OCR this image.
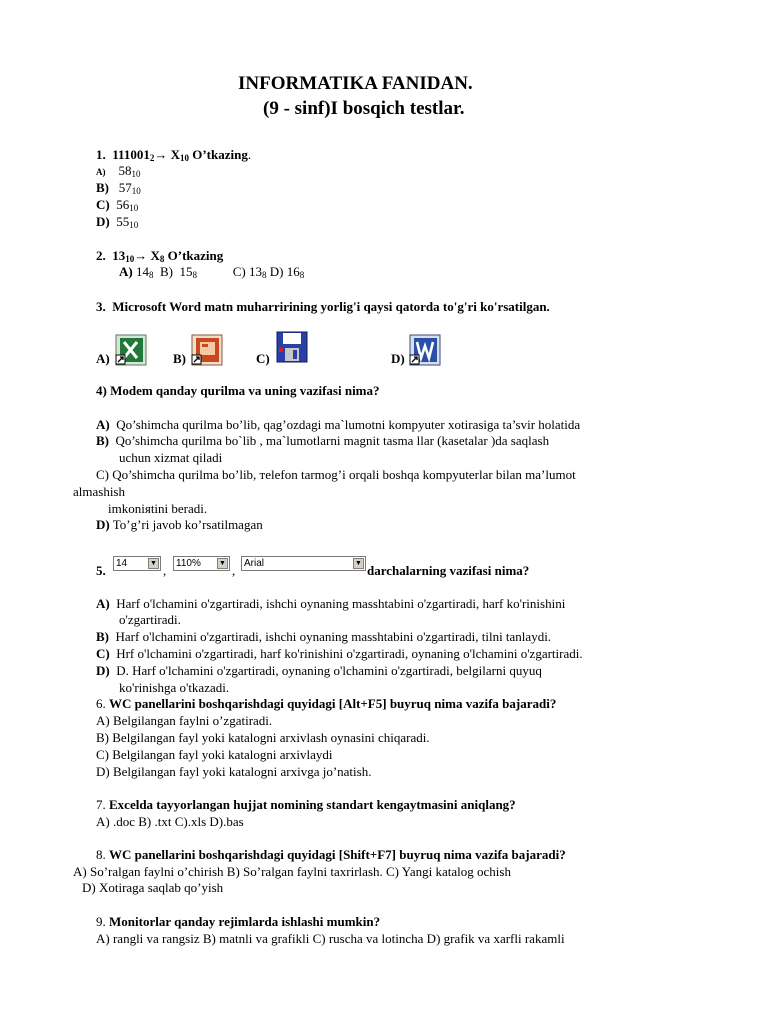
INFORMATIKA FANIDAN.
(9 - sinf)I bosqich testlar.
1. $111001_2\to X_{10}$ O’tkazing.
A) $58_{10}$
B) $57_{10}$
C) $56_{10}$
D) $55_{10}$
2. $13_{10}\to X_8$ O’tkazing
A) $14_8$ B) $15_8$	C) $13_8$ D) $16_8$
3. Microsoft Word matn muharririning yorlig'i qaysi qatorda to'g'ri ko'rsatilgan.
A)	B)	C)	D)
4) Modem qanday qurilma va uning vazifasi nima?
A) Qo’shimcha qurilma bo’lib, qag’ozdagi ma`lumotni kompyuter xotirasiga ta’svir holatida
B) Qo’shimcha qurilma bo`lib , ma`lumotlarni magnit tasma llar (kasetalar )da saqlash
uchun xizmat qiladi
C) Qo’shimcha qurilma bo’lib, тelefon tarmog’i orqali boshqa kompyuterlar bilan ma’lumot
almashish
imkoniяtini beradi.
D) To’g’ri javob ko’rsatilmagan
5.	14	▼ , 110%	▼ , Arial	▼ darchalarning vazifasi nima?
A) Harf o'lchamini o'zgartiradi, ishchi oynaning masshtabini o'zgartiradi, harf ko'rinishini
o'zgartiradi.
B) Harf o'lchamini o'zgartiradi, ishchi oynaning masshtabini o'zgartiradi, tilni tanlaydi.
C) Hrf o'lchamini o'zgartiradi, harf ko'rinishini o'zgartiradi, oynaning o'lchamini o'zgartiradi.
D) D. Harf o'lchamini o'zgartiradi, oynaning o'lchamini o'zgartiradi, belgilarni quyuq
ko'rinishga o'tkazadi.
6. WC panellarini boshqarishdagi quyidagi [Alt+F5] buyruq nima vazifa bajaradi?
A) Belgilangan faylni o’zgatiradi.
B) Belgilangan fayl yoki katalogni arxivlash oynasini chiqaradi.
C) Belgilangan fayl yoki katalogni arxivlaydi
D) Belgilangan fayl yoki katalogni arxivga jo’natish.
7. Excelda tayyorlangan hujjat nomining standart kengaytmasini aniqlang?
A) .doc B) .txt C).xls D).bas
8. WC panellarini boshqarishdagi quyidagi [Shift+F7] buyruq nima vazifa bajaradi?
A) So’ralgan faylni o’chirish B) So’ralgan faylni taxrirlash. C) Yangi katalog ochish
D) Xotiraga saqlab qo’yish
9. Monitorlar qanday rejimlarda ishlashi mumkin?
A) rangli va rangsiz B) matnli va grafikli C) ruscha va lotincha D) grafik va xarfli rakamli
